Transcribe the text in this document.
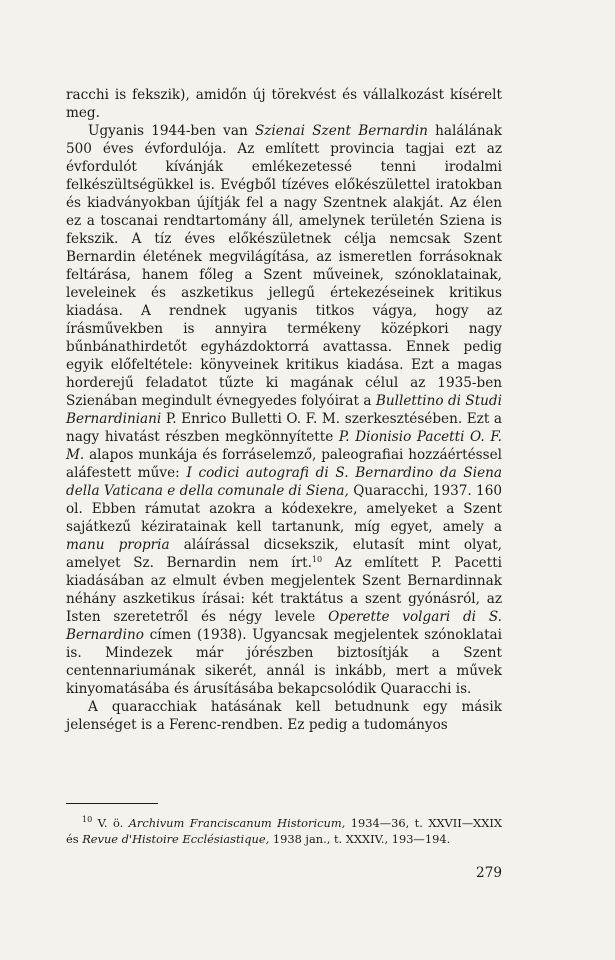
racchi is fekszik), amidőn új törekvést és vállalkozást kísérelt meg.

Ugyanis 1944-ben van Szienai Szent Bernardin halálának 500 éves évfordulója. Az említett provincia tagjai ezt az évfordulót kívánják emlékezetessé tenni irodalmi felkészültségükkel is. Evégből tízéves előkészülettel iratokban és kiadványokban újítják fel a nagy Szentnek alakját. Az élen ez a toscanai rendtartomány áll, amelynek területén Sziena is fekszik. A tíz éves előkészületnek célja nemcsak Szent Bernardin életének megvilágítása, az ismeretlen forrásoknak feltárása, hanem főleg a Szent műveinek, szónoklatainak, leveleinek és aszketikus jellegű értekezéseinek kritikus kiadása. A rendnek ugyanis titkos vágya, hogy az írásművekben is annyira termékeny középkori nagy bűnbánathirdetőt egyházdoktorrá avattassa. Ennek pedig egyik előfeltétele: könyveinek kritikus kiadása. Ezt a magas horderejű feladatot tűzte ki magának célul az 1935-ben Szienában megindult évnegyedes folyóirat a Bullettino di Studi Bernardiniani P. Enrico Bulletti O. F. M. szerkesztésében. Ezt a nagy hivatást részben megkönnyítette P. Dionisio Pacetti O. F. M. alapos munkája és forráselemző, paleografiai hozzáértéssel aláfestett műve: I codici autografi di S. Bernardino da Siena della Vaticana e della comunale di Siena, Quaracchi, 1937. 160 ol. Ebben rámutat azokra a kódexekre, amelyeket a Szent sajátkezű kéziratainak kell tartanunk, míg egyet, amely a manu propria aláírással dicsekszik, elutasít mint olyat, amelyet Sz. Bernardin nem írt.$^{10}$ Az említett P. Pacetti kiadásában az elmult évben megjelentek Szent Bernardinnak néhány aszketikus írásai: két traktátus a szent gyónásról, az Isten szeretetről és négy levele Operette volgari di S. Bernardino címen (1938). Ugyancsak megjelentek szónoklatai is. Mindezek már jórészben biztosítják a Szent centennariumának sikerét, annál is inkább, mert a művek kinyomatásába és árusításába bekapcsolódik Quaracchi is.

A quaracchiak hatásának kell betudnunk egy másik jelenséget is a Ferenc-rendben. Ez pedig a tudományos

$^{10}$ V. ö. Archivum Franciscanum Historicum, 1934—36, t. XXVII—XXIX és Revue d'Histoire Ecclésiastique, 1938 jan., t. XXXIV., 193—194.

279
